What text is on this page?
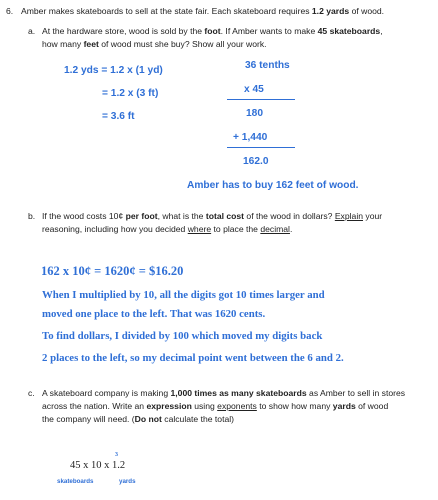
6. Amber makes skateboards to sell at the state fair. Each skateboard requires 1.2 yards of wood.
a. At the hardware store, wood is sold by the foot. If Amber wants to make 45 skateboards,
how many feet of wood must she buy? Show all your work.
1.2 yds = 1.2 x (1 yd)
= 1.2 x (3 ft)
= 3.6 ft
36 tenths
x 45
180
+ 1,440
162.0
Amber has to buy 162 feet of wood.
b. If the wood costs 10¢ per foot, what is the total cost of the wood in dollars? Explain your
reasoning, including how you decided where to place the decimal.
162 x 10¢ = 1620¢ = $16.20
When I multiplied by 10, all the digits got 10 times larger and
moved one place to the left. That was 1620 cents.
To find dollars, I divided by 100 which moved my digits back
2 places to the left, so my decimal point went between the 6 and 2.
c. A skateboard company is making 1,000 times as many skateboards as Amber to sell in stores
across the nation. Write an expression using exponents to show how many yards of wood
the company will need. (Do not calculate the total)
3
45 x 10 x 1.2
skateboards	yards
